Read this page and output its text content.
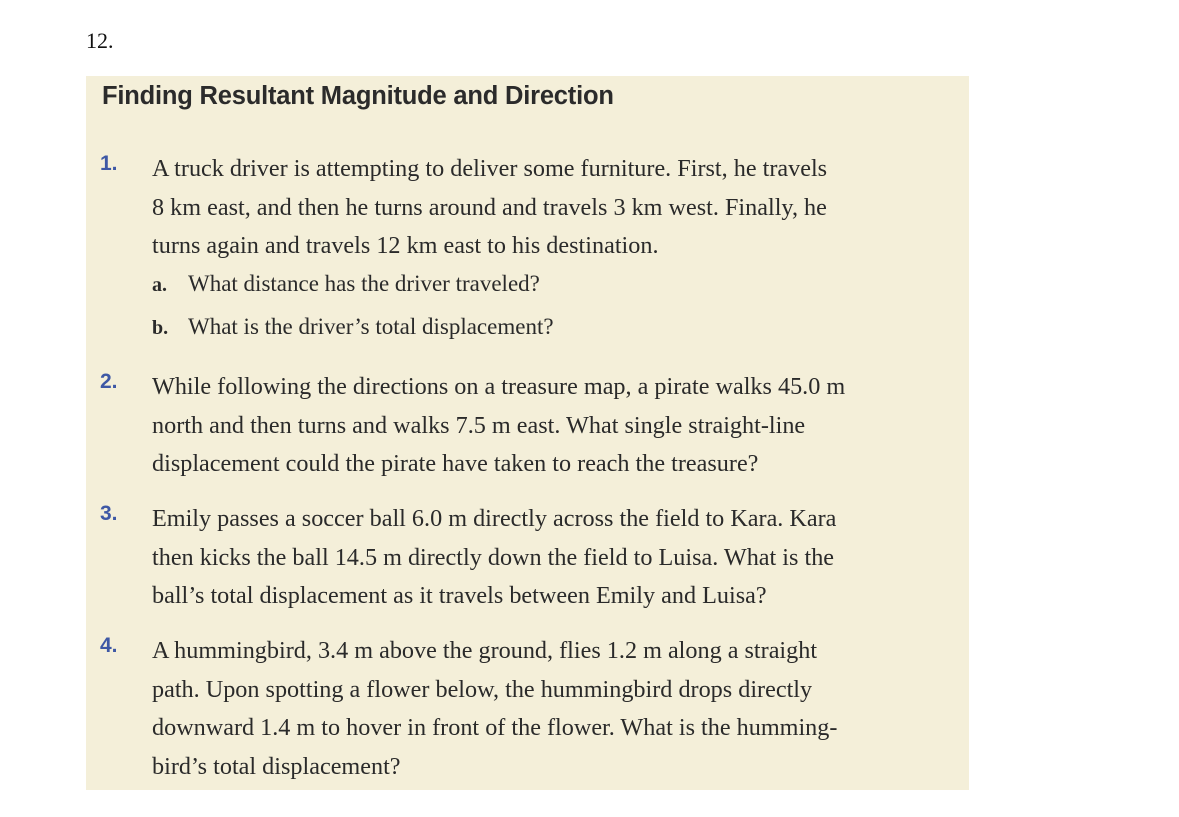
12.
Finding Resultant Magnitude and Direction
1. A truck driver is attempting to deliver some furniture. First, he travels
8 km east, and then he turns around and travels 3 km west. Finally, he
turns again and travels 12 km east to his destination.
a. What distance has the driver traveled?
b. What is the driver’s total displacement?
2. While following the directions on a treasure map, a pirate walks 45.0 m
north and then turns and walks 7.5 m east. What single straight-line
displacement could the pirate have taken to reach the treasure?
3. Emily passes a soccer ball 6.0 m directly across the field to Kara. Kara
then kicks the ball 14.5 m directly down the field to Luisa. What is the
ball’s total displacement as it travels between Emily and Luisa?
4. A hummingbird, 3.4 m above the ground, flies 1.2 m along a straight
path. Upon spotting a flower below, the hummingbird drops directly
downward 1.4 m to hover in front of the flower. What is the humming-
bird’s total displacement?
